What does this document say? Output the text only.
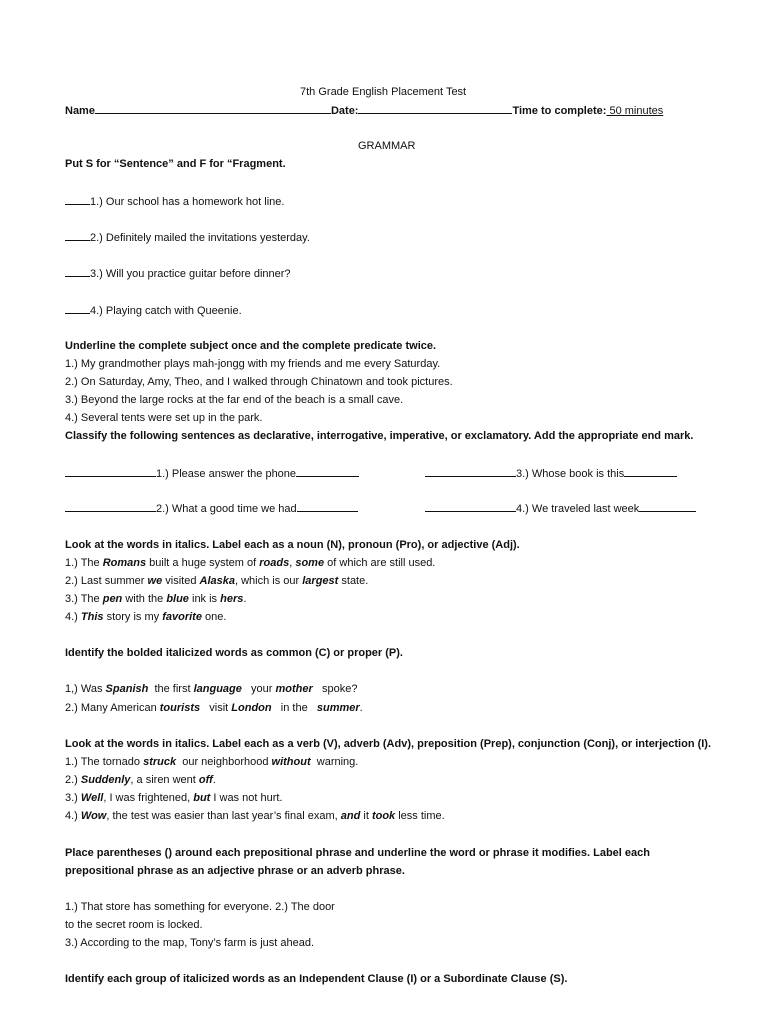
7th Grade English Placement Test
Name	Date:	Time to complete: 50 minutes
GRAMMAR
Put S for “Sentence” and F for “Fragment.
1.) Our school has a homework hot line.
2.) Definitely mailed the invitations yesterday.
3.) Will you practice guitar before dinner?
4.) Playing catch with Queenie.
Underline the complete subject once and the complete predicate twice.
1.) My grandmother plays mah-jongg with my friends and me every Saturday.
2.) On Saturday, Amy, Theo, and I walked through Chinatown and took pictures.
3.) Beyond the large rocks at the far end of the beach is a small cave.
4.) Several tents were set up in the park.
Classify the following sentences as declarative, interrogative, imperative, or exclamatory. Add the appropriate end mark.
1.) Please answer the phone	3.) Whose book is this
2.) What a good time we had	4.) We traveled last week
Look at the words in italics. Label each as a noun (N), pronoun (Pro), or adjective (Adj).
1.) The Romans built a huge system of roads, some of which are still used.
2.) Last summer we visited Alaska, which is our largest state.
3.) The pen with the blue ink is hers.
4.) This story is my favorite one.
Identify the bolded italicized words as common (C) or proper (P).
1,) Was Spanish  the first language   your mother   spoke?
2.) Many American tourists   visit London   in the   summer.
Look at the words in italics. Label each as a verb (V), adverb (Adv), preposition (Prep), conjunction (Conj), or interjection (I).
1.) The tornado struck  our neighborhood without  warning.
2.) Suddenly, a siren went off.
3.) Well, I was frightened, but I was not hurt.
4.) Wow, the test was easier than last year’s final exam, and it took less time.
Place parentheses () around each prepositional phrase and underline the word or phrase it modifies. Label each
prepositional phrase as an adjective phrase or an adverb phrase.
1.) That store has something for everyone. 2.) The door
to the secret room is locked.
3.) According to the map, Tony’s farm is just ahead.
Identify each group of italicized words as an Independent Clause (I) or a Subordinate Clause (S).
